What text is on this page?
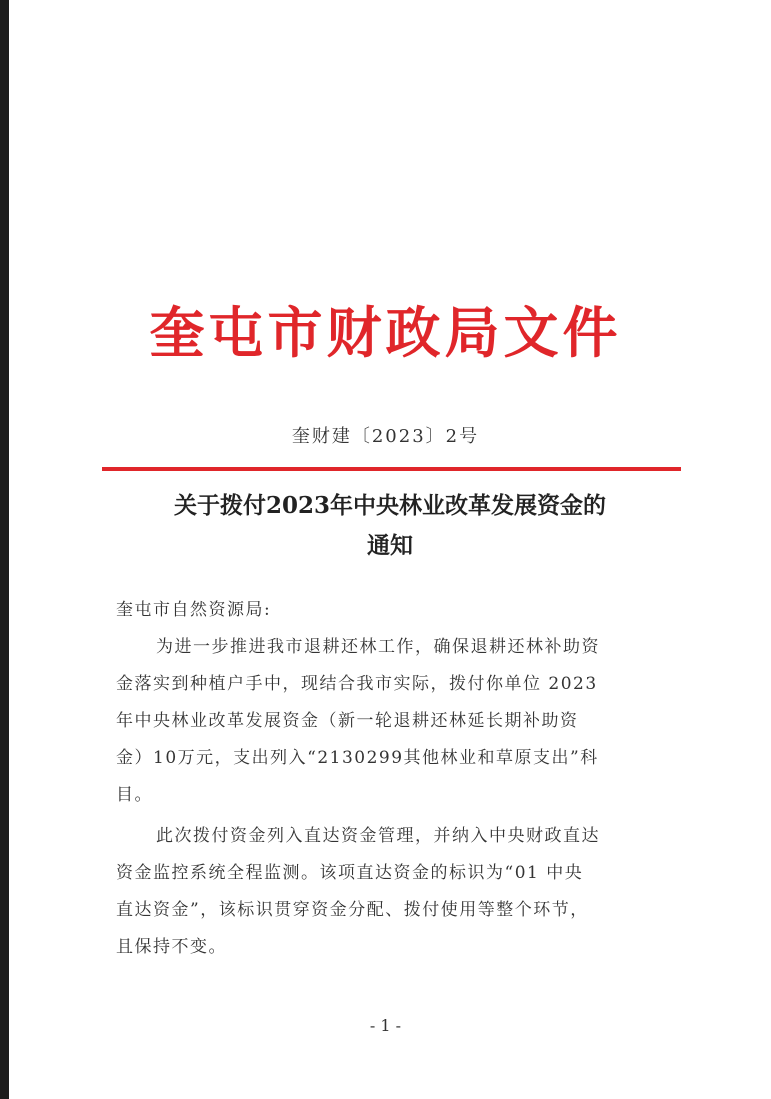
奎屯市财政局文件
奎财建〔2023〕2号
关于拨付2023年中央林业改革发展资金的
通知
奎屯市自然资源局:
为进一步推进我市退耕还林工作，确保退耕还林补助资
金落实到种植户手中，现结合我市实际，拨付你单位 2023
年中央林业改革发展资金（新一轮退耕还林延长期补助资
金）10万元，支出列入“2130299其他林业和草原支出”科
目。
此次拨付资金列入直达资金管理，并纳入中央财政直达
资金监控系统全程监测。该项直达资金的标识为“01 中央
直达资金”，该标识贯穿资金分配、拨付使用等整个环节，
且保持不变。
- 1 -
